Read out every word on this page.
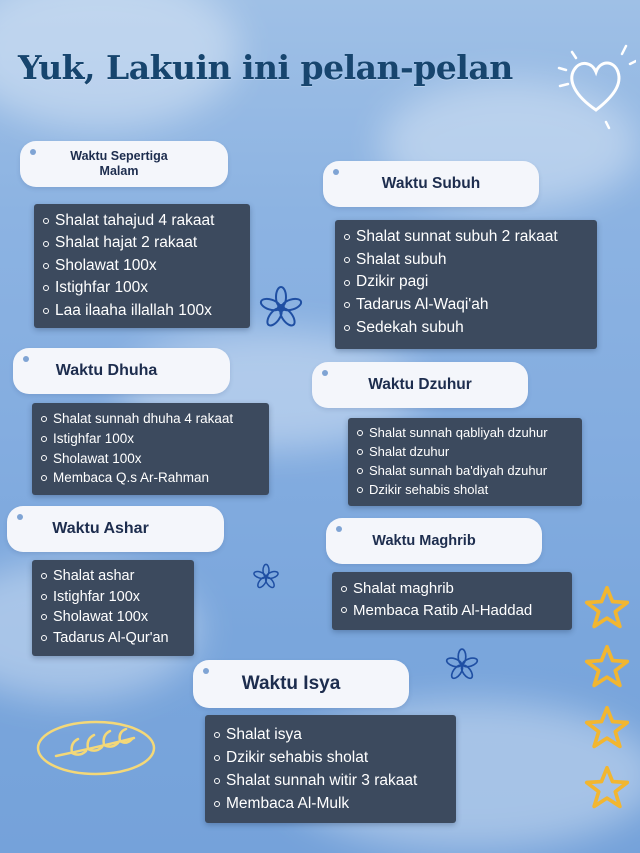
Yuk, Lakuin ini pelan-pelan
Waktu Sepertiga Malam
Shalat tahajud 4 rakaat
Shalat hajat 2 rakaat
Sholawat 100x
Istighfar 100x
Laa ilaaha illallah 100x
Waktu Subuh
Shalat sunnat subuh 2 rakaat
Shalat subuh
Dzikir pagi
Tadarus Al-Waqi'ah
Sedekah subuh
Waktu Dhuha
Shalat sunnah dhuha 4 rakaat
Istighfar 100x
Sholawat 100x
Membaca Q.s Ar-Rahman
Waktu Dzuhur
Shalat sunnah qabliyah dzuhur
Shalat dzuhur
Shalat sunnah ba'diyah dzuhur
Dzikir sehabis sholat
Waktu Ashar
Shalat ashar
Istighfar 100x
Sholawat 100x
Tadarus Al-Qur'an
Waktu Maghrib
Shalat maghrib
Membaca Ratib Al-Haddad
Waktu Isya
Shalat isya
Dzikir sehabis sholat
Shalat sunnah witir 3 rakaat
Membaca Al-Mulk
